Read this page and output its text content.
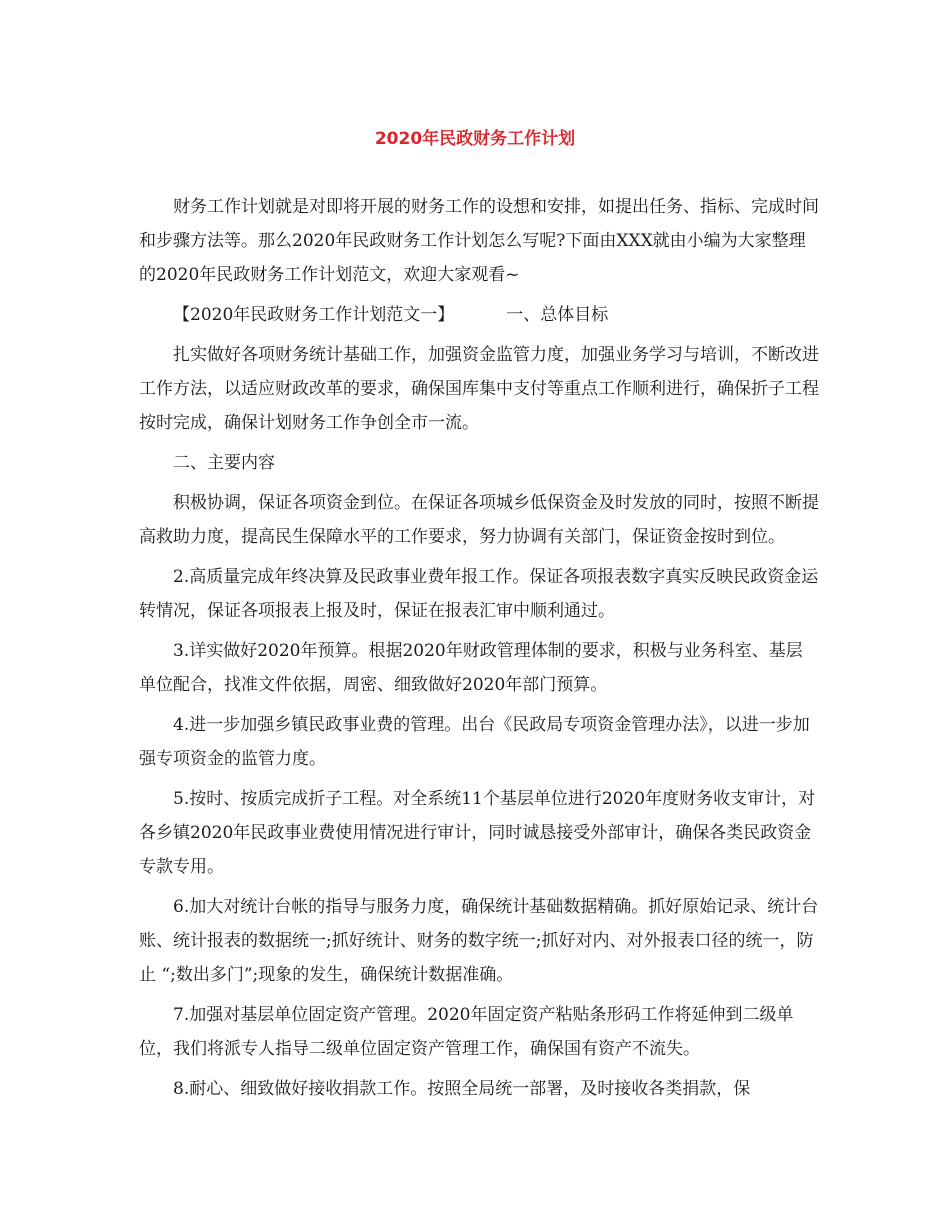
2020年民政财务工作计划

财务工作计划就是对即将开展的财务工作的设想和安排，如提出任务、指标、完成时间和步骤方法等。那么2020年民政财务工作计划怎么写呢?下面由XXX就由小编为大家整理的2020年民政财务工作计划范文，欢迎大家观看~

【2020年民政财务工作计划范文一】	一、总体目标

扎实做好各项财务统计基础工作，加强资金监管力度，加强业务学习与培训，不断改进工作方法，以适应财政改革的要求，确保国库集中支付等重点工作顺利进行，确保折子工程按时完成，确保计划财务工作争创全市一流。

二、主要内容

积极协调，保证各项资金到位。在保证各项城乡低保资金及时发放的同时，按照不断提高救助力度，提高民生保障水平的工作要求，努力协调有关部门，保证资金按时到位。

2.高质量完成年终决算及民政事业费年报工作。保证各项报表数字真实反映民政资金运转情况，保证各项报表上报及时，保证在报表汇审中顺利通过。

3.详实做好2020年预算。根据2020年财政管理体制的要求，积极与业务科室、基层单位配合，找准文件依据，周密、细致做好2020年部门预算。

4.进一步加强乡镇民政事业费的管理。出台《民政局专项资金管理办法》，以进一步加强专项资金的监管力度。

5.按时、按质完成折子工程。对全系统11个基层单位进行2020年度财务收支审计，对各乡镇2020年民政事业费使用情况进行审计，同时诚恳接受外部审计，确保各类民政资金专款专用。

6.加大对统计台帐的指导与服务力度，确保统计基础数据精确。抓好原始记录、统计台账、统计报表的数据统一;抓好统计、财务的数字统一;抓好对内、对外报表口径的统一，防止 “;数出多门”;现象的发生，确保统计数据准确。

7.加强对基层单位固定资产管理。2020年固定资产粘贴条形码工作将延伸到二级单位，我们将派专人指导二级单位固定资产管理工作，确保国有资产不流失。

8.耐心、细致做好接收捐款工作。按照全局统一部署，及时接收各类捐款，保
